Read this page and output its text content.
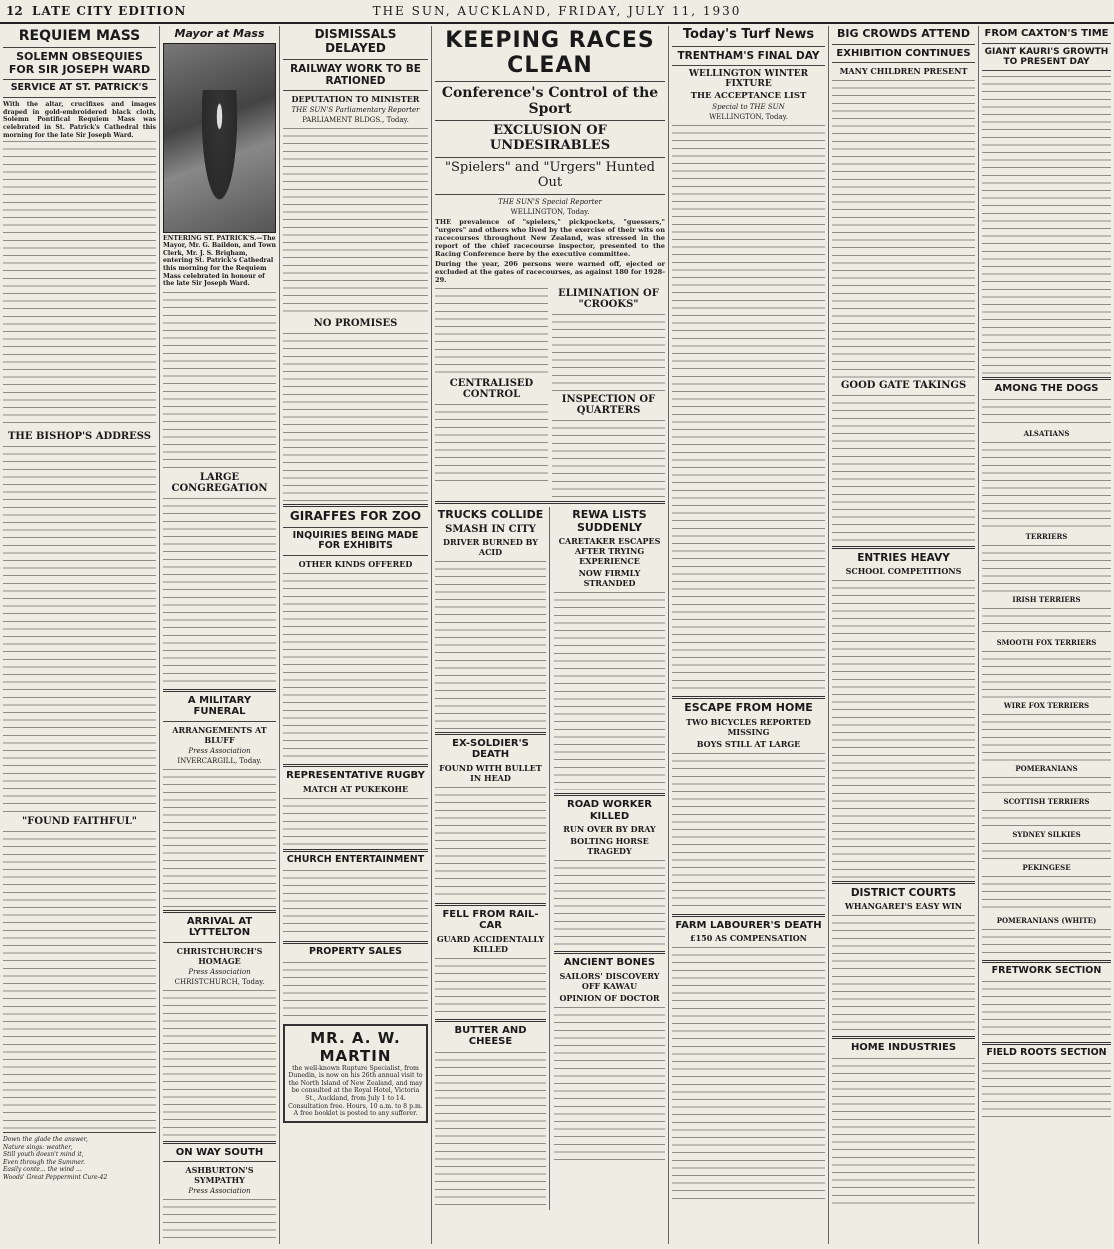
12 LATE CITY EDITION	THE SUN, AUCKLAND, FRIDAY, JULY 11, 1930
REQUIEM MASS
SOLEMN OBSEQUIES FOR SIR JOSEPH WARD
SERVICE AT ST. PATRICK'S

With the altar, crucifixes and images draped in gold-embroidered black cloth, Solemn Pontifical Requiem Mass was celebrated in St. Patrick's Cathedral this morning for the late Sir Joseph Ward.

THE BISHOP'S ADDRESS
"FOUND FAITHFUL"
Down the glade the answer,
Nature sings: weather,
Still youth doesn't mind it,
Even through the Summer.
Easily conte... the wind ...
Woods' Great Peppermint Cure-42
Mayor at Mass
ENTERING ST. PATRICK'S.—The Mayor, Mr. G. Baildon, and Town Clerk, Mr. J. S. Brigham, entering St. Patrick's Cathedral this morning for the Requiem Mass celebrated in honour of the late Sir Joseph Ward.
LARGE CONGREGATION
A MILITARY FUNERAL
ARRANGEMENTS AT BLUFF
Press Association
INVERCARGILL, Today.
ARRIVAL AT LYTTELTON
CHRISTCHURCH'S HOMAGE
Press Association
CHRISTCHURCH, Today.
ON WAY SOUTH
ASHBURTON'S SYMPATHY
Press Association
DISMISSALS DELAYED
RAILWAY WORK TO BE RATIONED
DEPUTATION TO MINISTER
THE SUN'S Parliamentary Reporter
PARLIAMENT BLDGS., Today.
NO PROMISES
GIRAFFES FOR ZOO
INQUIRIES BEING MADE FOR EXHIBITS
OTHER KINDS OFFERED
REPRESENTATIVE RUGBY
MATCH AT PUKEKOHE
CHURCH ENTERTAINMENT
PROPERTY SALES
MR. A. W. MARTIN
the well-known Rupture Specialist, from Dunedin, is now on his 26th annual visit to the North Island of New Zealand, and may be consulted at the Royal Hotel, Victoria St., Auckland, from July 1 to 14. Consultation free. Hours, 10 a.m. to 8 p.m. A free booklet is posted to any sufferer.
KEEPING RACES CLEAN
Conference's Control of the Sport
EXCLUSION OF UNDESIRABLES
"Spielers" and "Urgers" Hunted Out
THE SUN'S Special Reporter
WELLINGTON, Today.

THE prevalence of "spielers," pickpockets, "guessers," "urgers" and others who lived by the exercise of their wits on racecourses throughout New Zealand, was stressed in the report of the chief racecourse inspector, presented to the Racing Conference here by the executive committee.

During the year, 206 persons were warned off, ejected or excluded at the gates of racecourses, as against 180 for 1928-29.

CENTRALISED CONTROL
ELIMINATION OF "CROOKS"
INSPECTION OF QUARTERS
TRUCKS COLLIDE
SMASH IN CITY
DRIVER BURNED BY ACID
EX-SOLDIER'S DEATH
FOUND WITH BULLET IN HEAD
FELL FROM RAIL-CAR
GUARD ACCIDENTALLY KILLED
BUTTER AND CHEESE
REWA LISTS SUDDENLY
CARETAKER ESCAPES AFTER TRYING EXPERIENCE
NOW FIRMLY STRANDED
ROAD WORKER KILLED
RUN OVER BY DRAY
BOLTING HORSE TRAGEDY
ANCIENT BONES
SAILORS' DISCOVERY OFF KAWAU
OPINION OF DOCTOR
Today's Turf News
TRENTHAM'S FINAL DAY
WELLINGTON WINTER FIXTURE
THE ACCEPTANCE LIST
Special to THE SUN
WELLINGTON, Today.
ESCAPE FROM HOME
TWO BICYCLES REPORTED MISSING
BOYS STILL AT LARGE
FARM LABOURER'S DEATH
£150 AS COMPENSATION
BIG CROWDS ATTEND
EXHIBITION CONTINUES
MANY CHILDREN PRESENT
GOOD GATE TAKINGS
ENTRIES HEAVY
SCHOOL COMPETITIONS
DISTRICT COURTS
WHANGAREI'S EASY WIN
HOME INDUSTRIES
FROM CAXTON'S TIME
GIANT KAURI'S GROWTH TO PRESENT DAY
AMONG THE DOGS
ALSATIANS
TERRIERS
IRISH TERRIERS
SMOOTH FOX TERRIERS
WIRE FOX TERRIERS
POMERANIANS
SCOTTISH TERRIERS
SYDNEY SILKIES
PEKINGESE
POMERANIANS (WHITE)
FRETWORK SECTION
FIELD ROOTS SECTION
